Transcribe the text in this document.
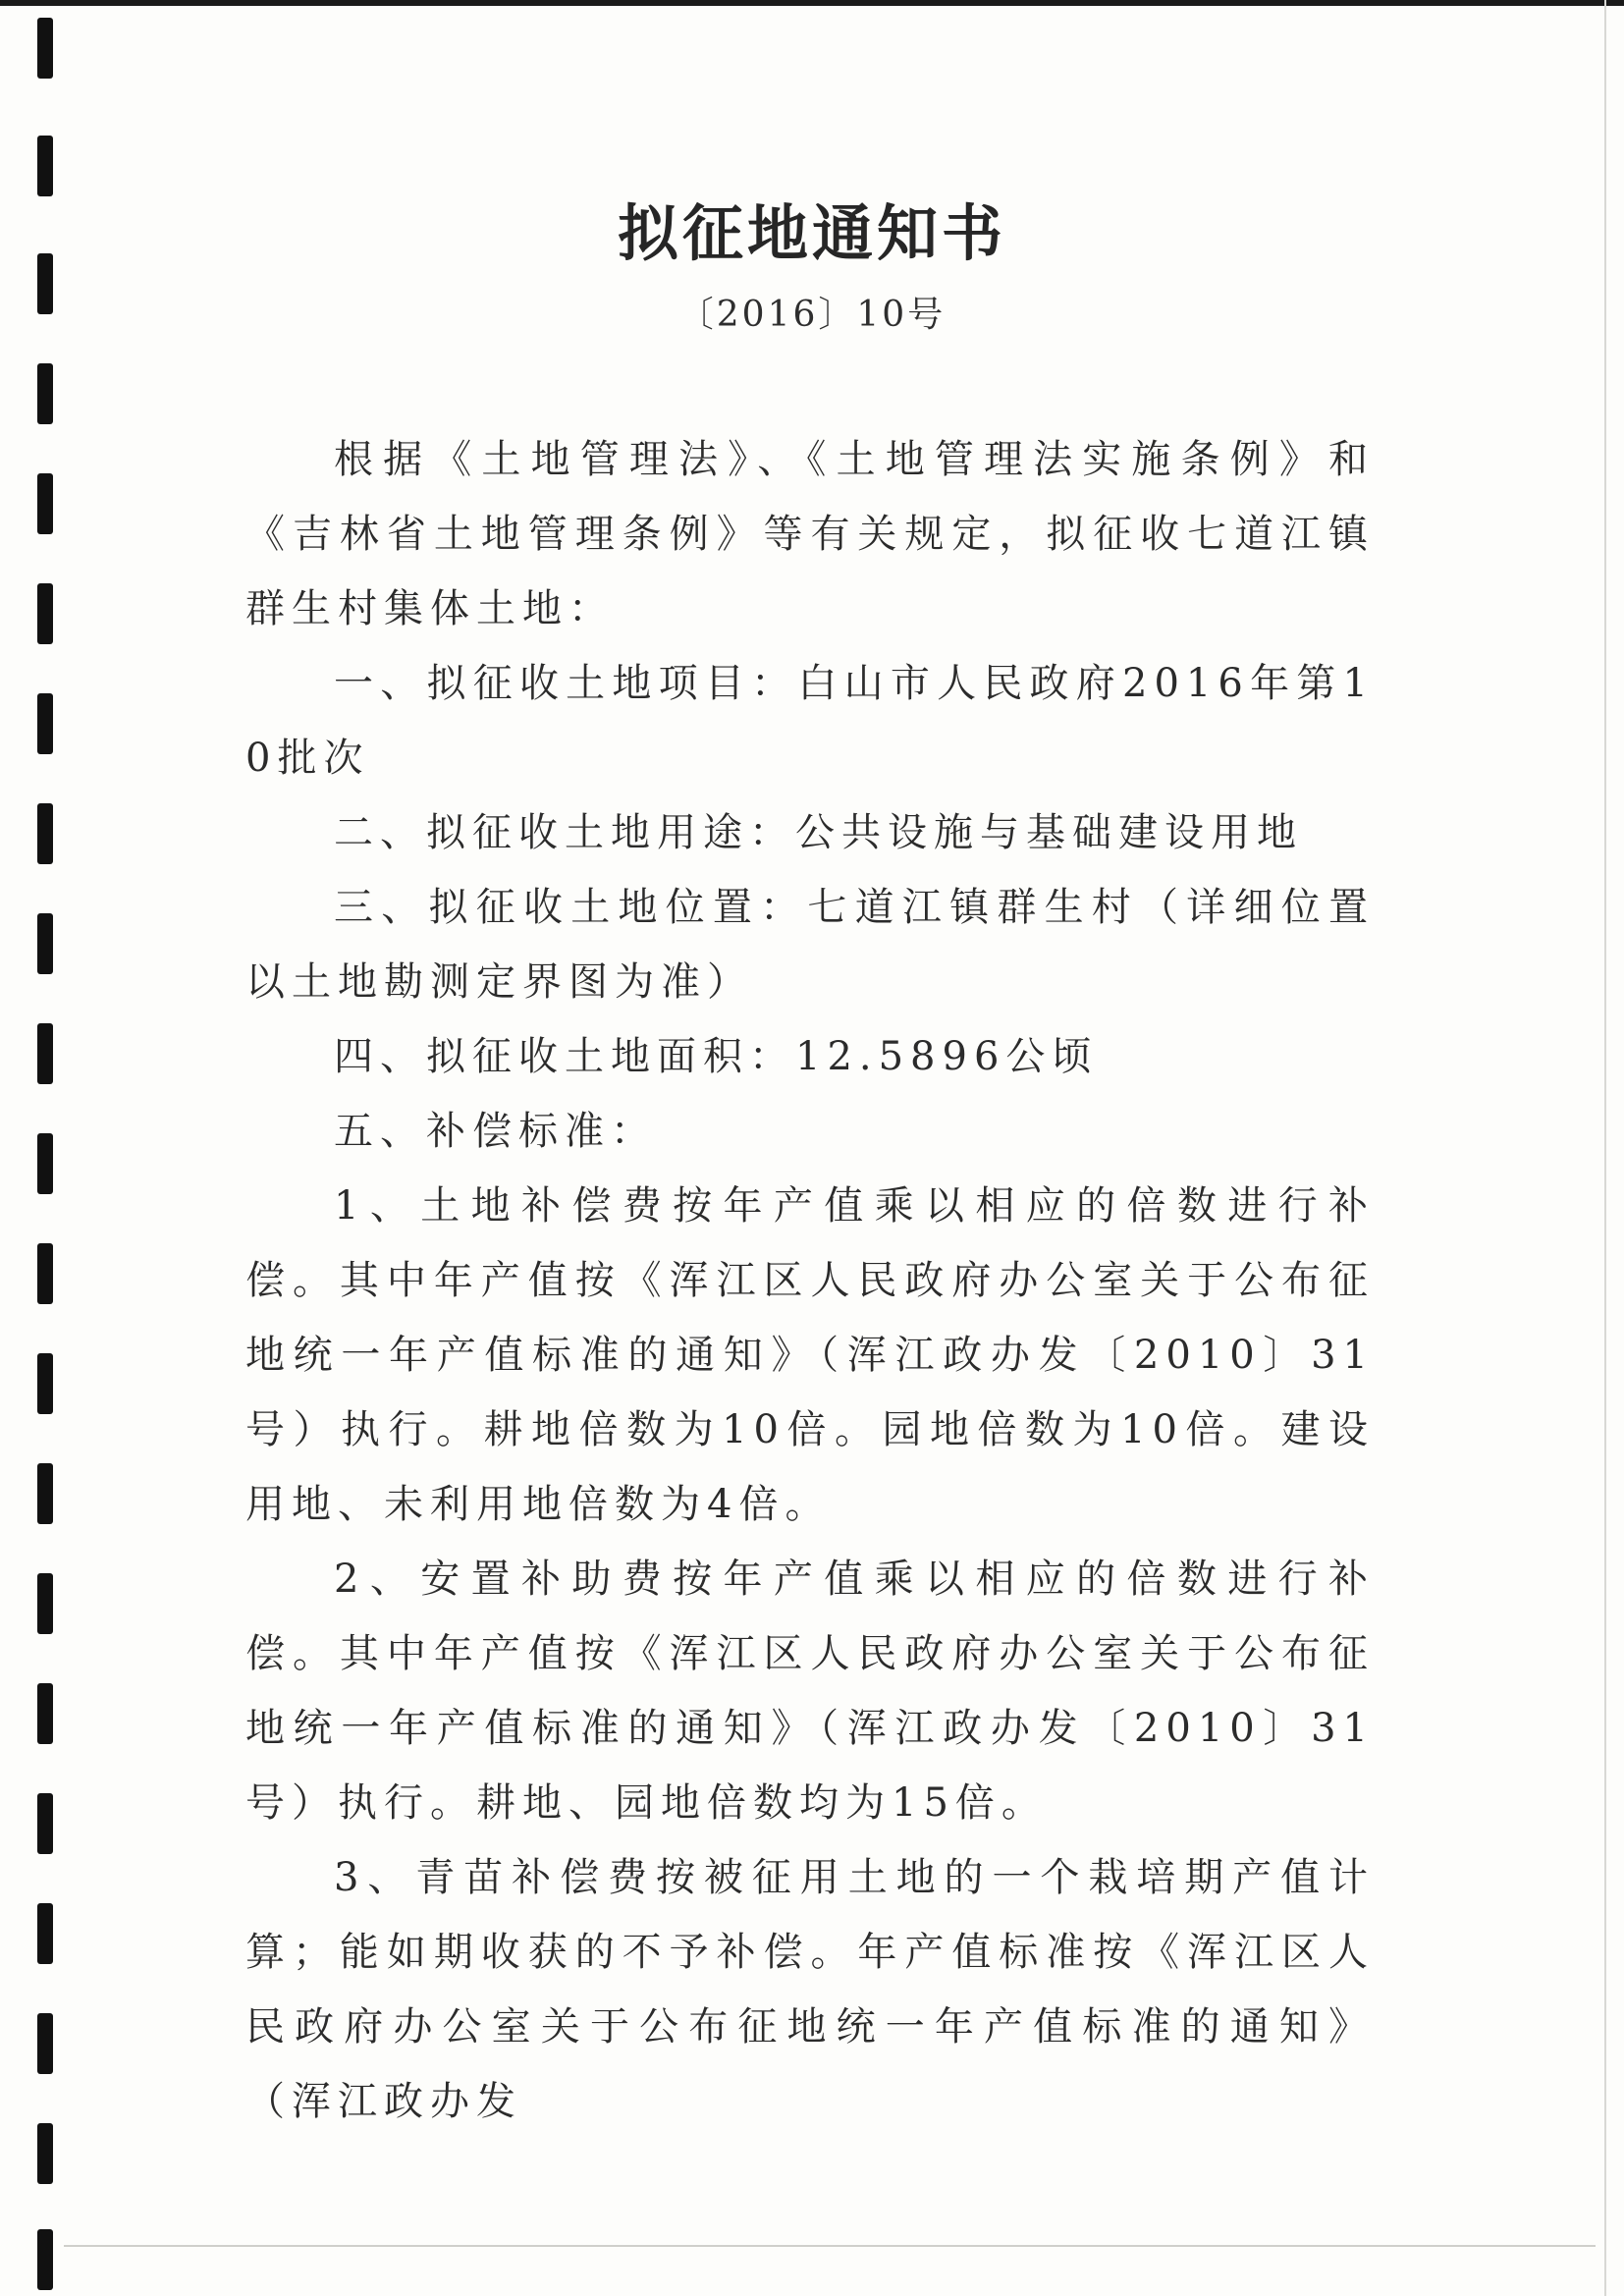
拟征地通知书
〔2016〕10号

根据《土地管理法》、《土地管理法实施条例》和《吉林省土地管理条例》等有关规定，拟征收七道江镇群生村集体土地：

一、拟征收土地项目：白山市人民政府2016年第10批次

二、拟征收土地用途：公共设施与基础建设用地

三、拟征收土地位置：七道江镇群生村（详细位置以土地勘测定界图为准）

四、拟征收土地面积：12.5896公顷

五、补偿标准：

1、土地补偿费按年产值乘以相应的倍数进行补偿。其中年产值按《浑江区人民政府办公室关于公布征地统一年产值标准的通知》（浑江政办发〔2010〕31号）执行。耕地倍数为10倍。园地倍数为10倍。建设用地、未利用地倍数为4倍。

2、安置补助费按年产值乘以相应的倍数进行补偿。其中年产值按《浑江区人民政府办公室关于公布征地统一年产值标准的通知》（浑江政办发〔2010〕31号）执行。耕地、园地倍数均为15倍。

3、青苗补偿费按被征用土地的一个栽培期产值计算；能如期收获的不予补偿。年产值标准按《浑江区人民政府办公室关于公布征地统一年产值标准的通知》（浑江政办发
